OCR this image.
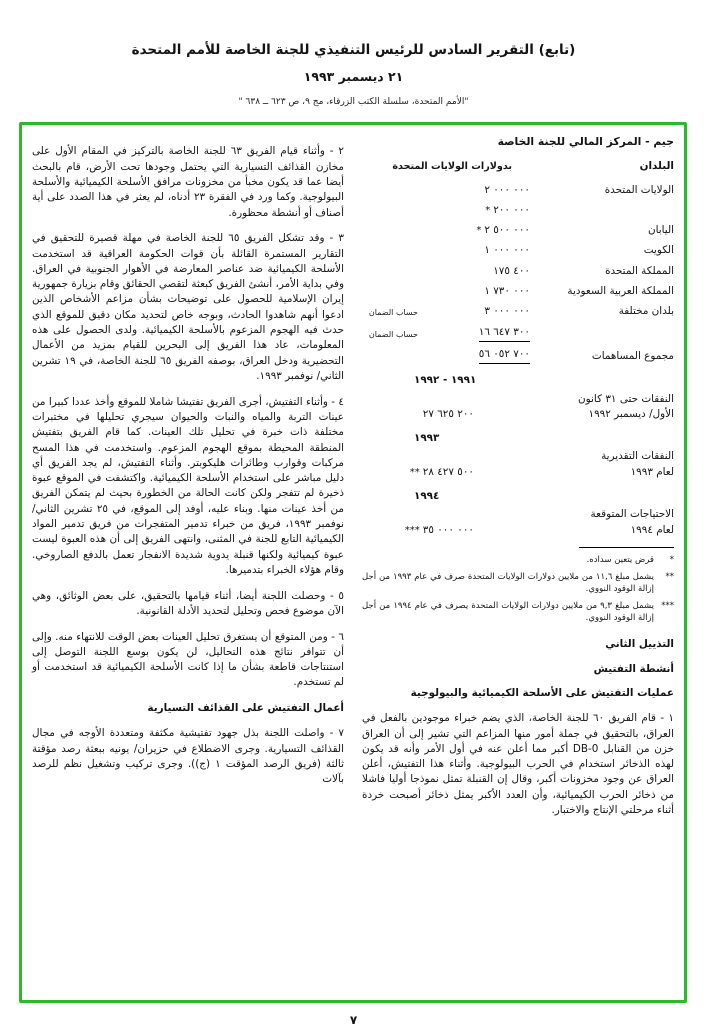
(تابع) التقرير السادس للرئيس التنفيذي للجنة الخاصة للأمم المتحدة
٢١ ديسمبر ١٩٩٣
"الأمم المتحدة، سلسلة الكتب الزرقاء، مج ٩، ص ٦٢٣ ــ ٦٣٨ "
جيم - المركز المالي للجنة الخاصة
البلدان
بدولارات الولايات المتحدة
الولايات المتحدة
٢ ٠٠٠ ٠٠٠
٢٠٠ ٠٠٠
*
اليابان
٢ ٥٠٠ ٠٠٠
*
الكويت
١ ٠٠٠ ٠٠٠
المملكة المتحدة
١٧٥ ٤٠٠
المملكة العربية السعودية
١ ٧٣٠ ٠٠٠
بلدان مختلفة
٣ ٠٠٠ ٠٠٠
حساب الضمان
١٦ ٦٤٧ ٣٠٠
حساب الضمان
مجموع المساهمات
٥٦ ٠٥٢ ٧٠٠
١٩٩١ - ١٩٩٢
النفقات حتى ٣١ كانون
الأول/ ديسمبر ١٩٩٢
٢٧ ٦٢٥ ٢٠٠
١٩٩٣
النفقات التقديرية
لعام ١٩٩٣
٢٨ ٤٢٧ ٥٠٠
**
١٩٩٤
الاحتياجات المتوقعة
لعام ١٩٩٤
٣٥ ٠٠٠ ٠٠٠
***
*
قرض يتعين سداده.
**
يشمل مبلغ ١١,٦ من ملايين دولارات الولايات المتحدة صرف في عام ١٩٩٣ من أجل إزالة الوقود النووي.
***
يشمل مبلغ ٩,٣ من ملايين دولارات الولايات المتحدة يصرف في عام ١٩٩٤ من أجل إزالة الوقود النووي.
التذييل الثاني
أنشطة التفتيش
عمليات التفتيش على الأسلحة الكيميائية والبيولوجية

١ - قام الفريق ٦٠ للجنة الخاصة، الذي يضم خبراء موجودين بالفعل في العراق، بالتحقيق في جملة أمور منها المزاعم التي تشير إلى أن العراق خزن من القنابل DB-0 أكبر مما أعلن عنه في أول الأمر وأنه قد يكون لهذه الذخائر استخدام في الحرب البيولوجية. وأثناء هذا التفتيش، أعلن العراق عن وجود مخزونات أكبر، وقال إن القنبلة تمثل نموذجا أوليا فاشلا من ذخائر الحرب الكيميائية، وأن العدد الأكبر يمثل ذخائر أصبحت خردة أثناء مرحلتي الإنتاج والاختبار.

٢ - وأثناء قيام الفريق ٦٣ للجنة الخاصة بالتركيز في المقام الأول على مخازن القذائف التسيارية التي يحتمل وجودها تحت الأرض، قام بالبحث أيضا عما قد يكون مخبأ من مخزونات مرافق الأسلحة الكيميائية والأسلحة البيولوجية. وكما ورد في الفقرة ٢٣ أدناه، لم يعثر في هذا الصدد على أية أصناف أو أنشطة محظورة.

٣ - وقد تشكل الفريق ٦٥ للجنة الخاصة في مهلة قصيرة للتحقيق في التقارير المستمرة القائلة بأن قوات الحكومة العراقية قد استخدمت الأسلحة الكيميائية ضد عناصر المعارضة في الأهوار الجنوبية في العراق. وفي بداية الأمر، أنشئ الفريق كبعثة لتقصي الحقائق وقام بزيارة جمهورية إيران الإسلامية للحصول على توضيحات بشأن مزاعم الأشخاص الذين ادعوا أنهم شاهدوا الحادث، وبوجه خاص لتحديد مكان دقيق للموقع الذي حدث فيه الهجوم المزعوم بالأسلحة الكيميائية. ولدى الحصول على هذه المعلومات، عاد هذا الفريق إلى البحرين للقيام بمزيد من الأعمال التحضيرية ودخل العراق، بوصفه الفريق ٦٥ للجنة الخاصة، في ١٩ تشرين الثاني/ نوفمبر ١٩٩٣.

٤ - وأثناء التفتيش، أجرى الفريق تفتيشا شاملا للموقع وأخذ عددا كبيرا من عينات التربة والمياه والنبات والحيوان سيجري تحليلها في مختبرات مختلفة ذات خبرة في تحليل تلك العينات. كما قام الفريق بتفتيش المنطقة المحيطة بموقع الهجوم المزعوم. واستخدمت في هذا المسح مركبات وقوارب وطائرات هليكوبتر. وأثناء التفتيش، لم يجد الفريق أي دليل مباشر على استخدام الأسلحة الكيميائية. واكتشفت في الموقع عبوة ذخيرة لم تتفجر ولكن كانت الحالة من الخطورة بحيث لم يتمكن الفريق من أخذ عينات منها. وبناء عليه، أوفد إلى الموقع، في ٢٥ تشرين الثاني/ نوفمبر ١٩٩٣، فريق من خبراء تدمير المتفجرات من فريق تدمير المواد الكيميائية التابع للجنة في المثنى، وانتهى الفريق إلى أن هذه العبوة ليست عبوة كيميائية ولكنها قنبلة يدوية شديدة الانفجار تعمل بالدفع الصاروخي. وقام هؤلاء الخبراء بتدميرها.

٥ - وحصلت اللجنة أيضا، أثناء قيامها بالتحقيق، على بعض الوثائق، وهي الآن موضوع فحص وتحليل لتحديد الأدلة القانونية.

٦ - ومن المتوقع أن يستغرق تحليل العينات بعض الوقت للانتهاء منه. وإلى أن تتوافر نتائج هذه التحاليل، لن يكون بوسع اللجنة التوصل إلى استنتاجات قاطعة بشأن ما إذا كانت الأسلحة الكيميائية قد استخدمت أو لم تستخدم.

أعمال التفتيش على القذائف التسيارية

٧ - واصلت اللجنة بذل جهود تفتيشية مكثفة ومتعددة الأوجه في مجال القذائف التسيارية. وجرى الاضطلاع في حزيران/ يونيه ببعثة رصد مؤقتة ثالثة (فريق الرصد المؤقت ١ (ج)). وجرى تركيب وتشغيل نظم للرصد بآلات

٧
